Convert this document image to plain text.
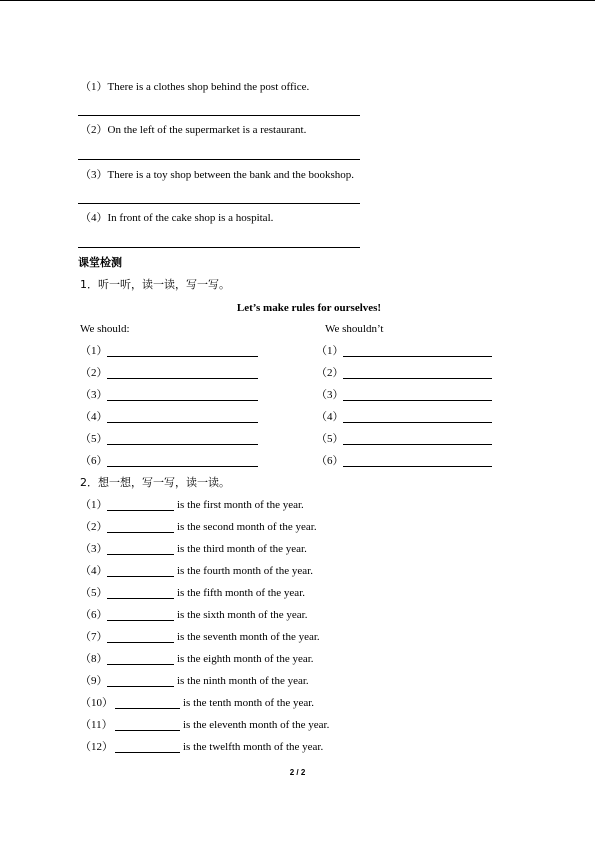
（1）There is a clothes shop behind the post office.
（2）On the left of the supermarket is a restaurant.
（3）There is a toy shop between the bank and the bookshop.
（4）In front of the cake shop is a hospital.
课堂检测
1．听一听，读一读，写一写。
Let’s make rules for ourselves!
We should:	We shouldn’t
（1）	（1）
（2）	（2）
（3）	（3）
（4）	（4）
（5）	（5）
（6）	（6）
2．想一想，写一写，读一读。
（1）	is the first month of the year.
（2）	is the second month of the year.
（3）	is the third month of the year.
（4）	is the fourth month of the year.
（5）	is the fifth month of the year.
（6）	is the sixth month of the year.
（7）	is the seventh month of the year.
（8）	is the eighth month of the year.
（9）	is the ninth month of the year.
（10）	is the tenth month of the year.
（11）	is the eleventh month of the year.
（12）	is the twelfth month of the year.
2 / 2
